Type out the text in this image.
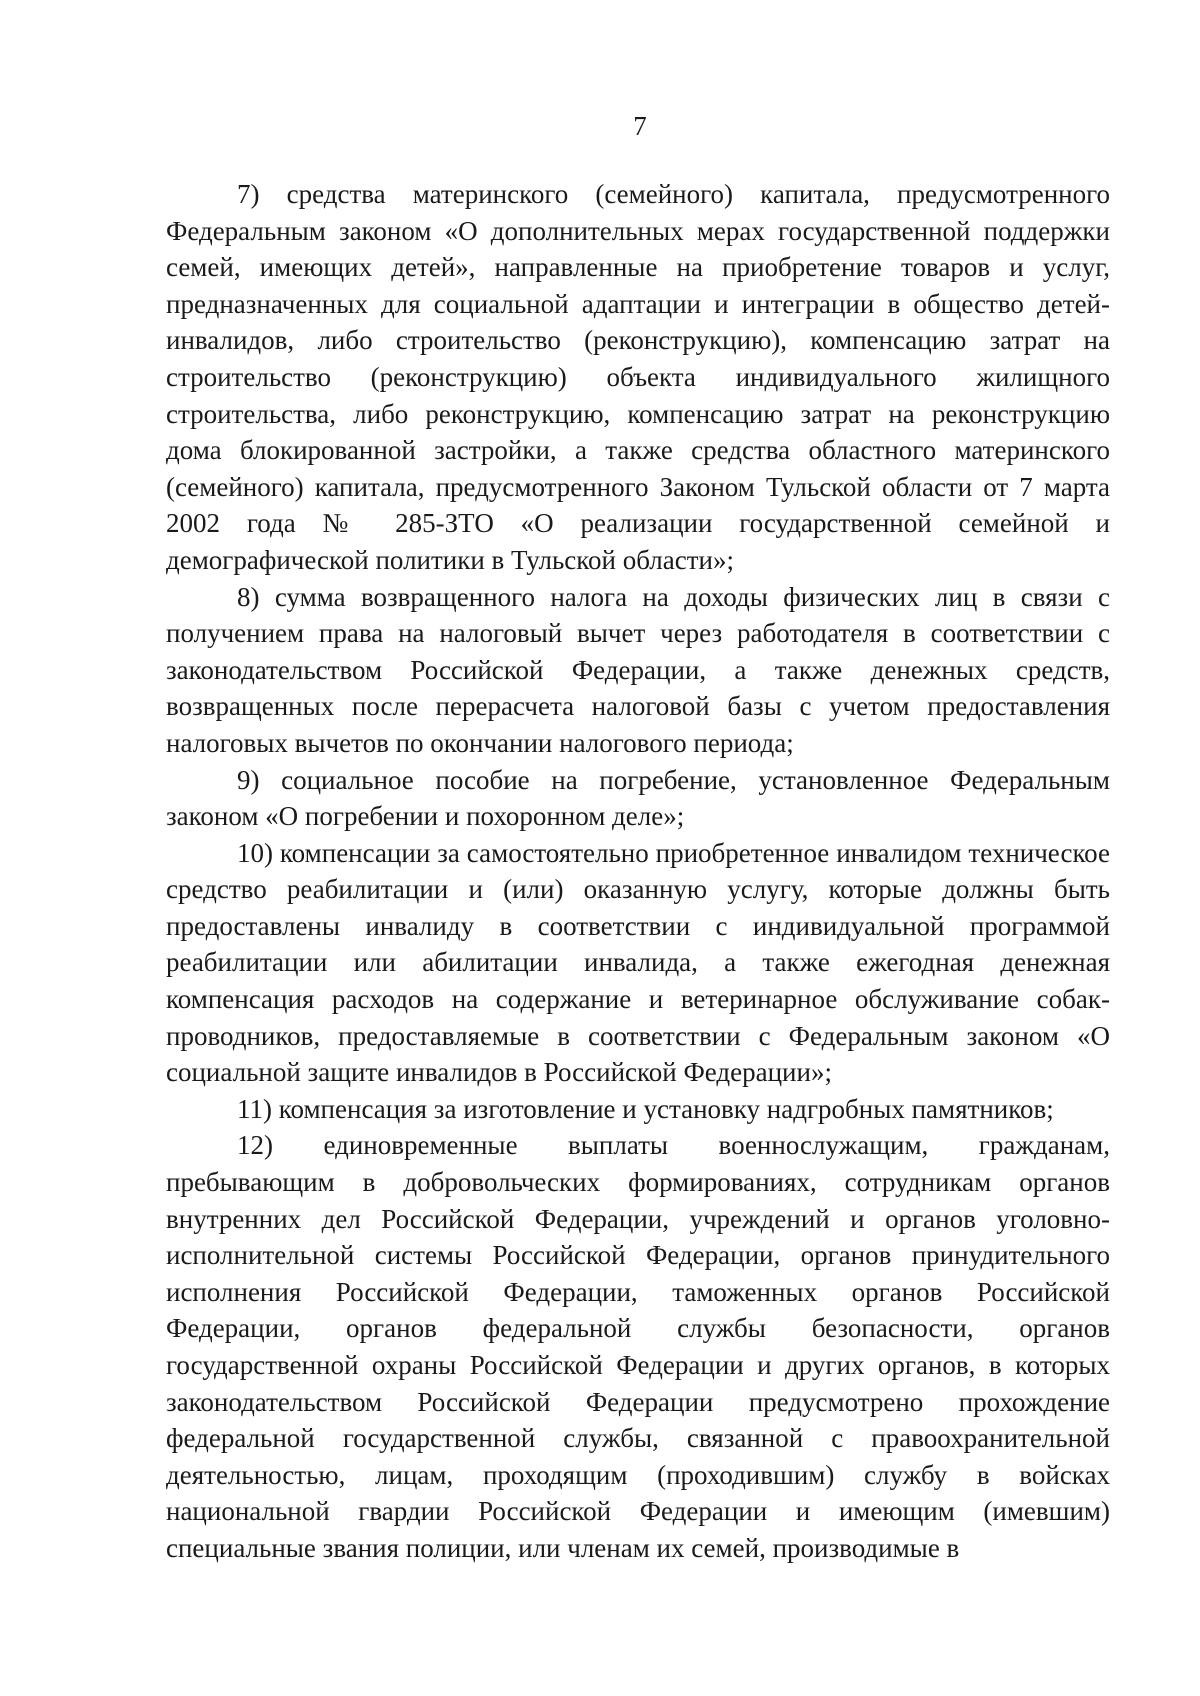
7

7) средства материнского (семейного) капитала, предусмотренного Федеральным законом «О дополнительных мерах государственной поддержки семей, имеющих детей», направленные на приобретение товаров и услуг, предназначенных для социальной адаптации и интеграции в общество детей-инвалидов, либо строительство (реконструкцию), компенсацию затрат на строительство (реконструкцию) объекта индивидуального жилищного строительства, либо реконструкцию, компенсацию затрат на реконструкцию дома блокированной застройки, а также средства областного материнского (семейного) капитала, предусмотренного Законом Тульской области от 7 марта 2002 года № 285-ЗТО «О реализации государственной семейной и демографической политики в Тульской области»;

8) сумма возвращенного налога на доходы физических лиц в связи с получением права на налоговый вычет через работодателя в соответствии с законодательством Российской Федерации, а также денежных средств, возвращенных после перерасчета налоговой базы с учетом предоставления налоговых вычетов по окончании налогового периода;

9) социальное пособие на погребение, установленное Федеральным законом «О погребении и похоронном деле»;

10) компенсации за самостоятельно приобретенное инвалидом техническое средство реабилитации и (или) оказанную услугу, которые должны быть предоставлены инвалиду в соответствии с индивидуальной программой реабилитации или абилитации инвалида, а также ежегодная денежная компенсация расходов на содержание и ветеринарное обслуживание собак-проводников, предоставляемые в соответствии с Федеральным законом «О социальной защите инвалидов в Российской Федерации»;

11) компенсация за изготовление и установку надгробных памятников;

12) единовременные выплаты военнослужащим, гражданам, пребывающим в добровольческих формированиях, сотрудникам органов внутренних дел Российской Федерации, учреждений и органов уголовно-исполнительной системы Российской Федерации, органов принудительного исполнения Российской Федерации, таможенных органов Российской Федерации, органов федеральной службы безопасности, органов государственной охраны Российской Федерации и других органов, в которых законодательством Российской Федерации предусмотрено прохождение федеральной государственной службы, связанной с правоохранительной деятельностью, лицам, проходящим (проходившим) службу в войсках национальной гвардии Российской Федерации и имеющим (имевшим) специальные звания полиции, или членам их семей, производимые в
